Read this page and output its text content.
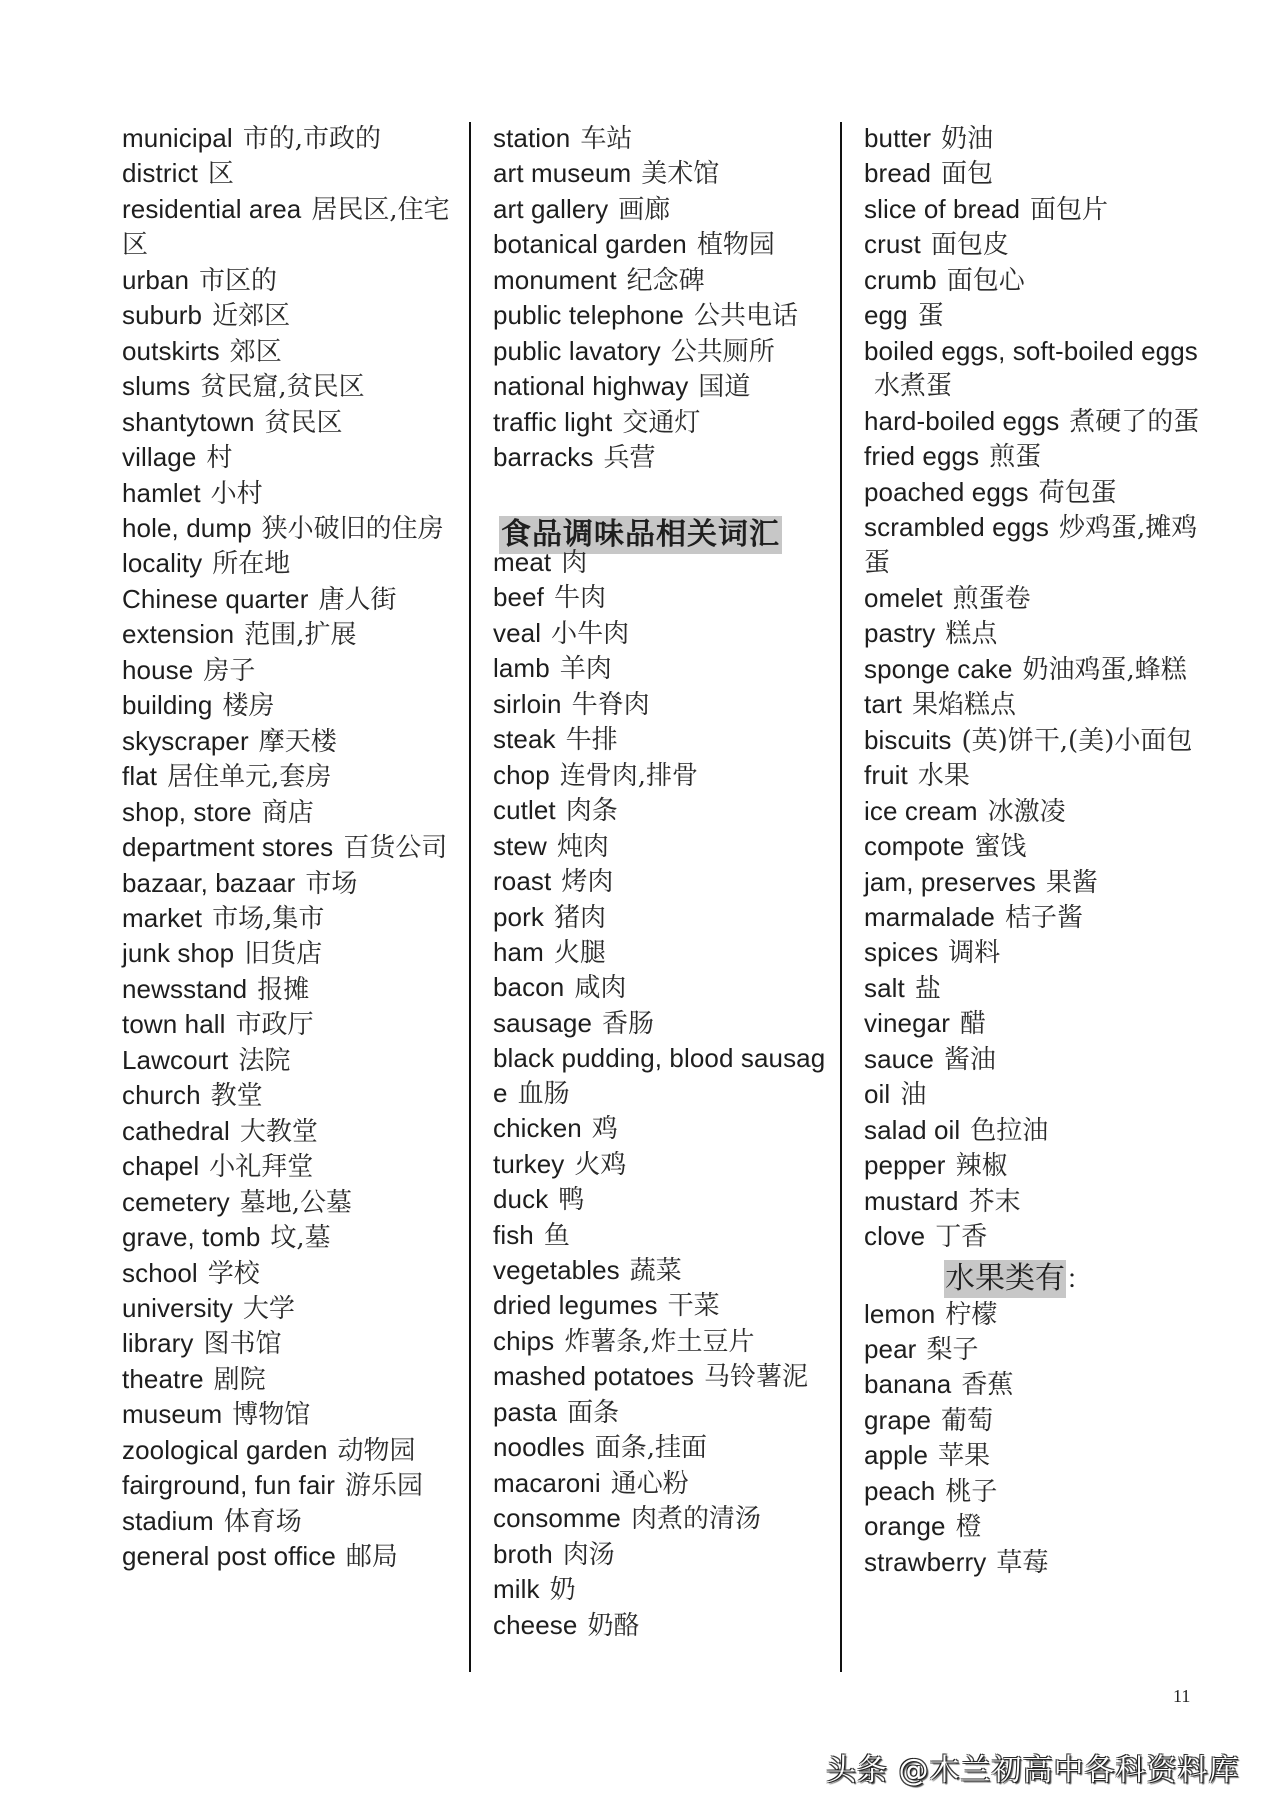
municipal 市的,市政的
district 区
residential area 居民区,住宅区
urban 市区的
suburb 近郊区
outskirts 郊区
slums 贫民窟,贫民区
shantytown 贫民区
village 村
hamlet 小村
hole, dump 狭小破旧的住房
locality 所在地
Chinese quarter 唐人街
extension 范围,扩展
house 房子
building 楼房
skyscraper 摩天楼
flat 居住单元,套房
shop, store 商店
department stores 百货公司
bazaar, bazaar 市场
market 市场,集市
junk shop 旧货店
newsstand 报摊
town hall 市政厅
Lawcourt 法院
church 教堂
cathedral 大教堂
chapel 小礼拜堂
cemetery 墓地,公墓
grave, tomb 坟,墓
school 学校
university 大学
library 图书馆
theatre 剧院
museum 博物馆
zoological garden 动物园
fairground, fun fair 游乐园
stadium 体育场
general post office 邮局
station 车站
art museum 美术馆
art gallery 画廊
botanical garden 植物园
monument 纪念碑
public telephone 公共电话
public lavatory 公共厕所
national highway 国道
traffic light 交通灯
barracks 兵营
食品调味品相关词汇
meat 肉
beef 牛肉
veal 小牛肉
lamb 羊肉
sirloin 牛脊肉
steak 牛排
chop 连骨肉,排骨
cutlet 肉条
stew 炖肉
roast 烤肉
pork 猪肉
ham 火腿
bacon 咸肉
sausage 香肠
black pudding, blood sausage 血肠
chicken 鸡
turkey 火鸡
duck 鸭
fish 鱼
vegetables 蔬菜
dried legumes 干菜
chips 炸薯条,炸土豆片
mashed potatoes 马铃薯泥
pasta 面条
noodles 面条,挂面
macaroni 通心粉
consomme 肉煮的清汤
broth 肉汤
milk 奶
cheese 奶酪
butter 奶油
bread 面包
slice of bread 面包片
crust 面包皮
crumb 面包心
egg 蛋
boiled eggs, soft-boiled eggs水煮蛋
hard-boiled eggs 煮硬了的蛋
fried eggs 煎蛋
poached eggs 荷包蛋
scrambled eggs 炒鸡蛋,摊鸡蛋
omelet 煎蛋卷
pastry 糕点
sponge cake 奶油鸡蛋,蜂糕
tart 果焰糕点
biscuits (英)饼干,(美)小面包
fruit 水果
ice cream 冰激凌
compote 蜜饯
jam, preserves 果酱
marmalade 桔子酱
spices 调料
salt 盐
vinegar 醋
sauce 酱油
oil 油
salad oil 色拉油
pepper 辣椒
mustard 芥末
clove 丁香
水果类有：
lemon 柠檬
pear 梨子
banana 香蕉
grape 葡萄
apple 苹果
peach 桃子
orange 橙
strawberry 草莓
11
头条 @木兰初高中各科资料库
